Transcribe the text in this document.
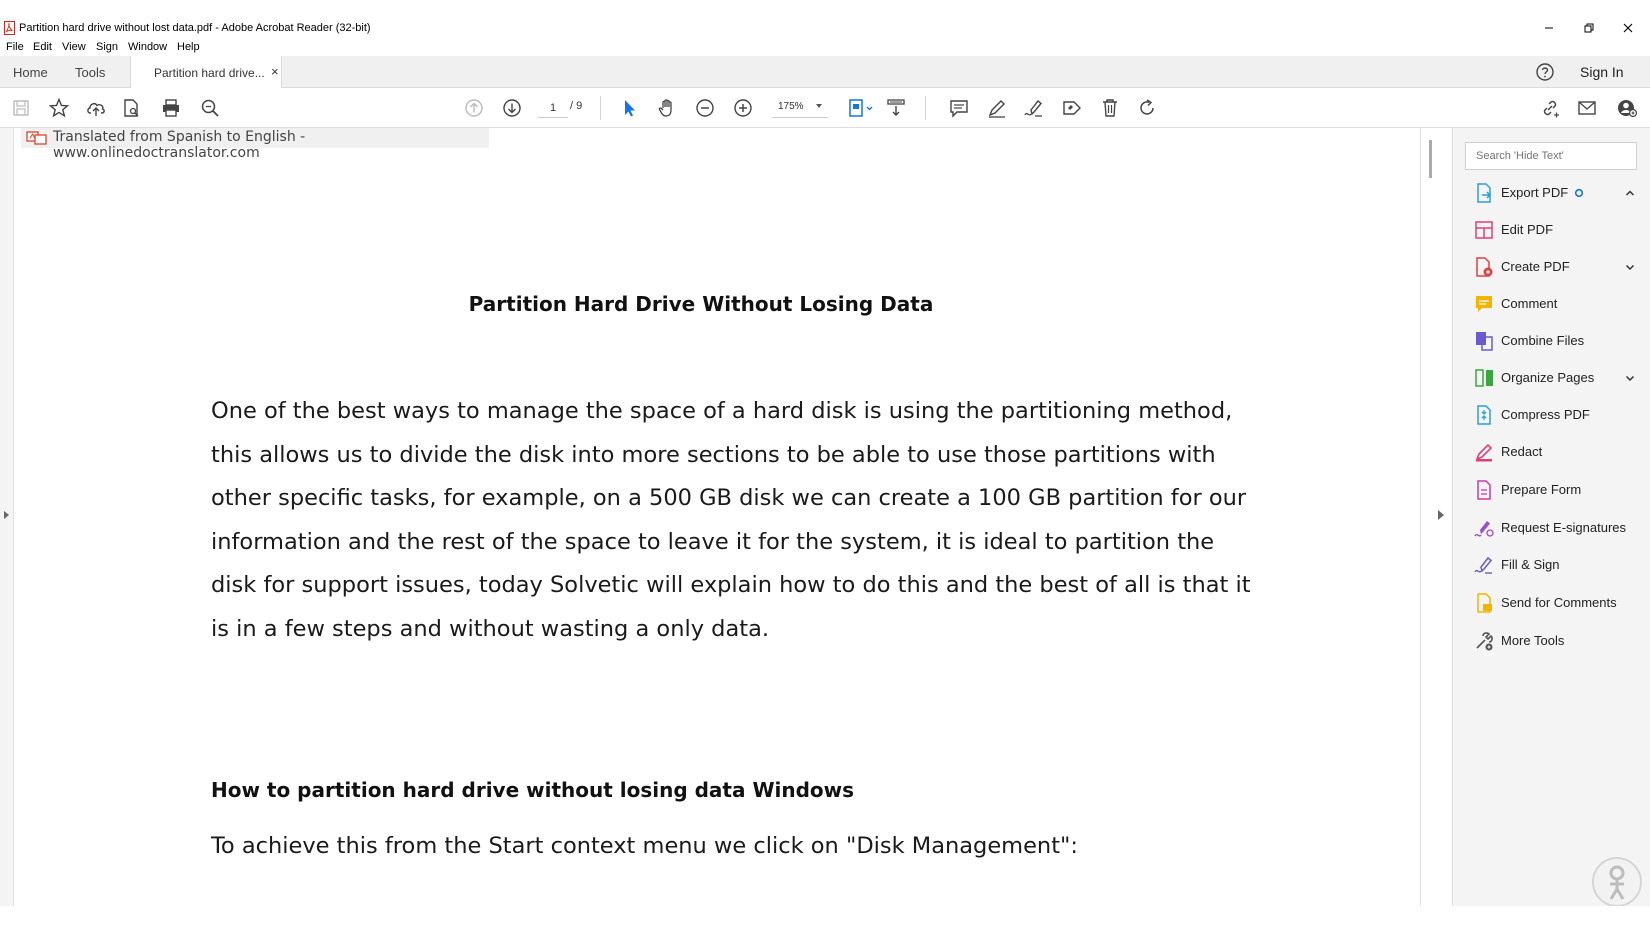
Partition hard drive without lost data.pdf - Adobe Acrobat Reader (32-bit)
File Edit View Sign Window Help
Home Tools	Partition hard drive... ×	Sign In
1
/ 9	175%
Translated from Spanish to English - www.onlinedoctranslator.com
Partition Hard Drive Without Losing Data
One of the best ways to manage the space of a hard disk is using the partitioning method, this allows us to divide the disk into more sections to be able to use those partitions with other specific tasks, for example, on a 500 GB disk we can create a 100 GB partition for our information and the rest of the space to leave it for the system, it is ideal to partition the disk for support issues, today Solvetic will explain how to do this and the best of all is that it is in a few steps and without wasting a only data.
How to partition hard drive without losing data Windows
To achieve this from the Start context menu we click on "Disk Management":
Search 'Hide Text'
Export PDF
Edit PDF
Create PDF
Comment
Combine Files
Organize Pages
Compress PDF
Redact
Prepare Form
Request E-signatures
Fill & Sign
Send for Comments
More Tools
